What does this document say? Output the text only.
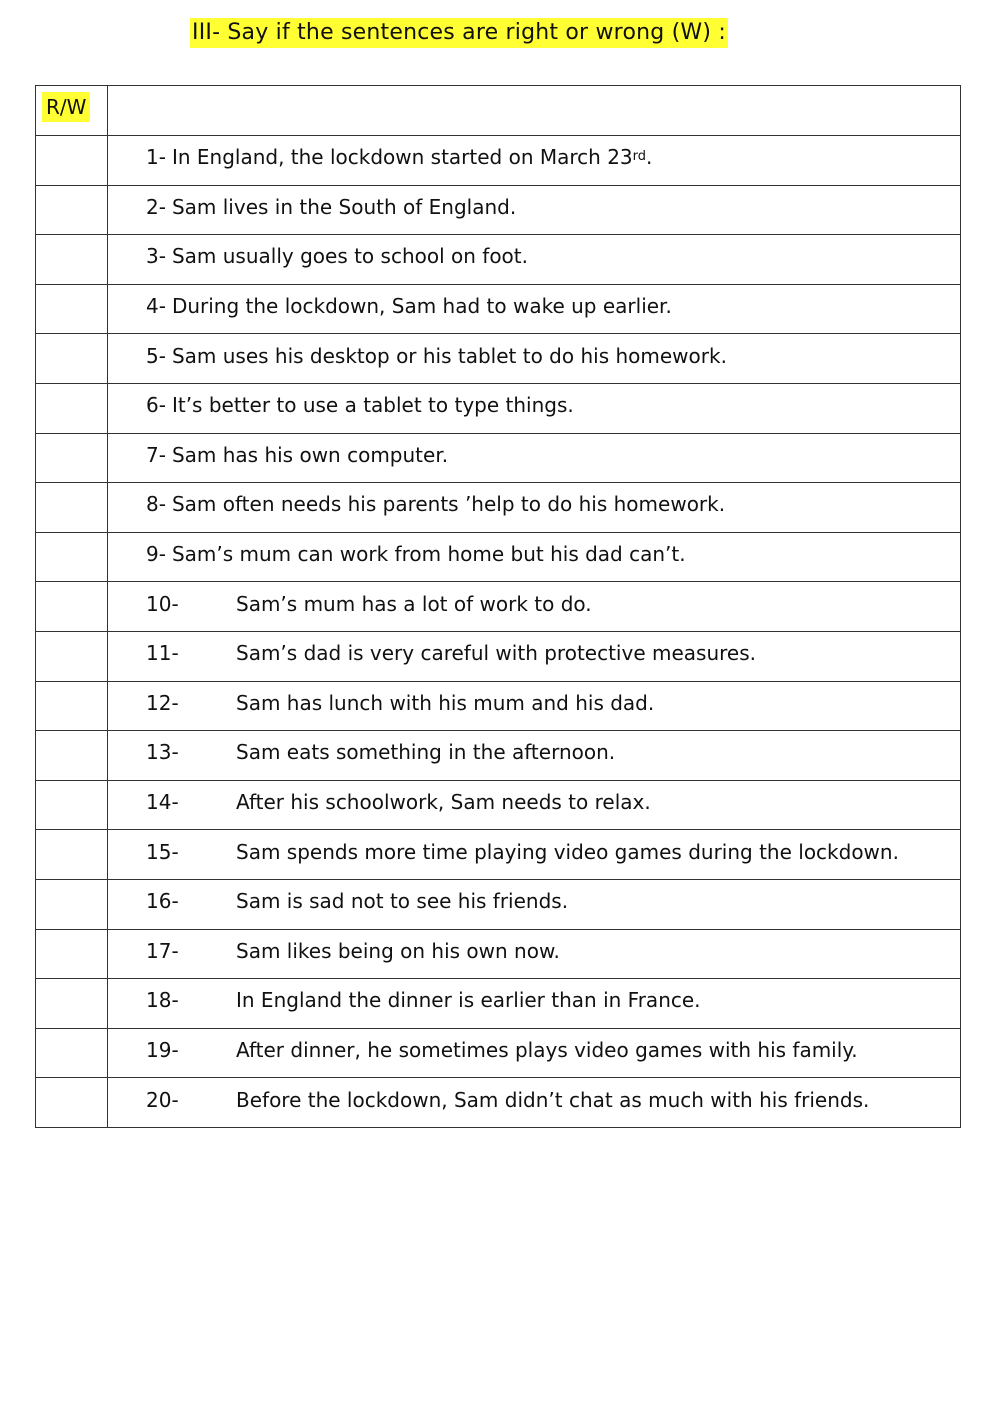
III- Say if the sentences are right or wrong (W) :
R/W	

	1- In England, the lockdown started on March 23 rd .

	2- Sam lives in the South of England.

	3- Sam usually goes to school on foot.

	4- During the lockdown, Sam had to wake up earlier.

	5- Sam uses his desktop or his tablet to do his homework.

	6- It’s better to use a tablet to type things.

	7- Sam has his own computer.

	8- Sam often needs his parents ’help to do his homework.

	9- Sam’s mum can work from home but his dad can’t.

	10- Sam’s mum has a lot of work to do.

	11- Sam’s dad is very careful with protective measures.

	12- Sam has lunch with his mum and his dad.

	13- Sam eats something in the afternoon.

	14- After his schoolwork, Sam needs to relax.

	15- Sam spends more time playing video games during the lockdown.

	16- Sam is sad not to see his friends.

	17- Sam likes being on his own now.

	18- In England the dinner is earlier than in France.

	19- After dinner, he sometimes plays video games with his family.

	20- Before the lockdown, Sam didn’t chat as much with his friends.
